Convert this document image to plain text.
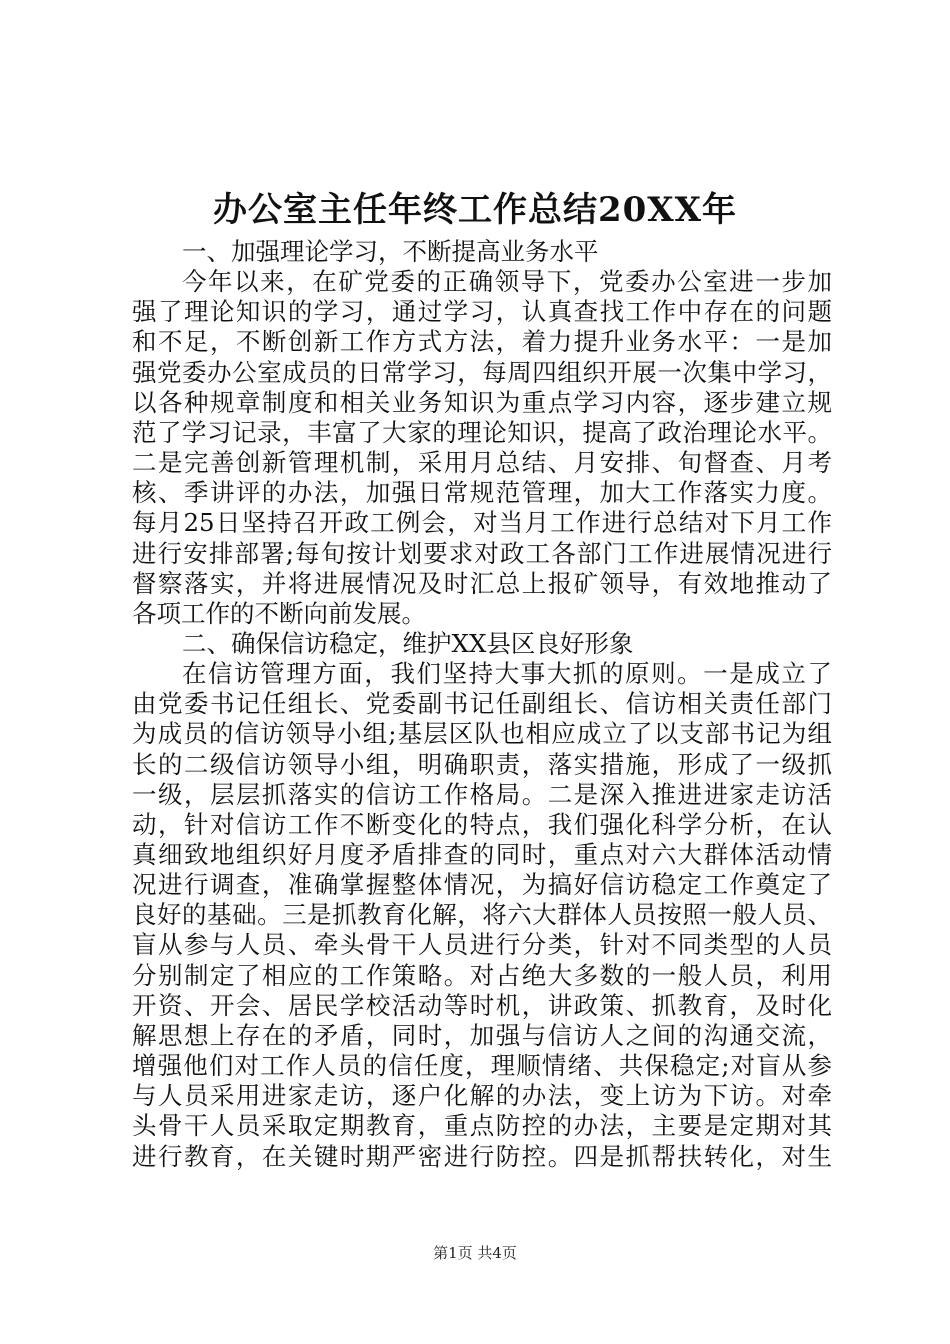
办公室主任年终工作总结20XX年
一、加强理论学习，不断提高业务水平
今年以来，在矿党委的正确领导下，党委办公室进一步加
强了理论知识的学习，通过学习，认真查找工作中存在的问题
和不足，不断创新工作方式方法，着力提升业务水平：一是加
强党委办公室成员的日常学习，每周四组织开展一次集中学习，
以各种规章制度和相关业务知识为重点学习内容，逐步建立规
范了学习记录，丰富了大家的理论知识，提高了政治理论水平。
二是完善创新管理机制，采用月总结、月安排、旬督查、月考
核、季讲评的办法，加强日常规范管理，加大工作落实力度。
每月25日坚持召开政工例会，对当月工作进行总结对下月工作
进行安排部署;每旬按计划要求对政工各部门工作进展情况进行
督察落实，并将进展情况及时汇总上报矿领导，有效地推动了
各项工作的不断向前发展。
二、确保信访稳定，维护XX县区良好形象
在信访管理方面，我们坚持大事大抓的原则。一是成立了
由党委书记任组长、党委副书记任副组长、信访相关责任部门
为成员的信访领导小组;基层区队也相应成立了以支部书记为组
长的二级信访领导小组，明确职责，落实措施，形成了一级抓
一级，层层抓落实的信访工作格局。二是深入推进进家走访活
动，针对信访工作不断变化的特点，我们强化科学分析，在认
真细致地组织好月度矛盾排查的同时，重点对六大群体活动情
况进行调查，准确掌握整体情况，为搞好信访稳定工作奠定了
良好的基础。三是抓教育化解，将六大群体人员按照一般人员、
盲从参与人员、牵头骨干人员进行分类，针对不同类型的人员
分别制定了相应的工作策略。对占绝大多数的一般人员，利用
开资、开会、居民学校活动等时机，讲政策、抓教育，及时化
解思想上存在的矛盾，同时，加强与信访人之间的沟通交流，
增强他们对工作人员的信任度，理顺情绪、共保稳定;对盲从参
与人员采用进家走访，逐户化解的办法，变上访为下访。对牵
头骨干人员采取定期教育，重点防控的办法，主要是定期对其
进行教育，在关键时期严密进行防控。四是抓帮扶转化，对生
第1页 共4页
